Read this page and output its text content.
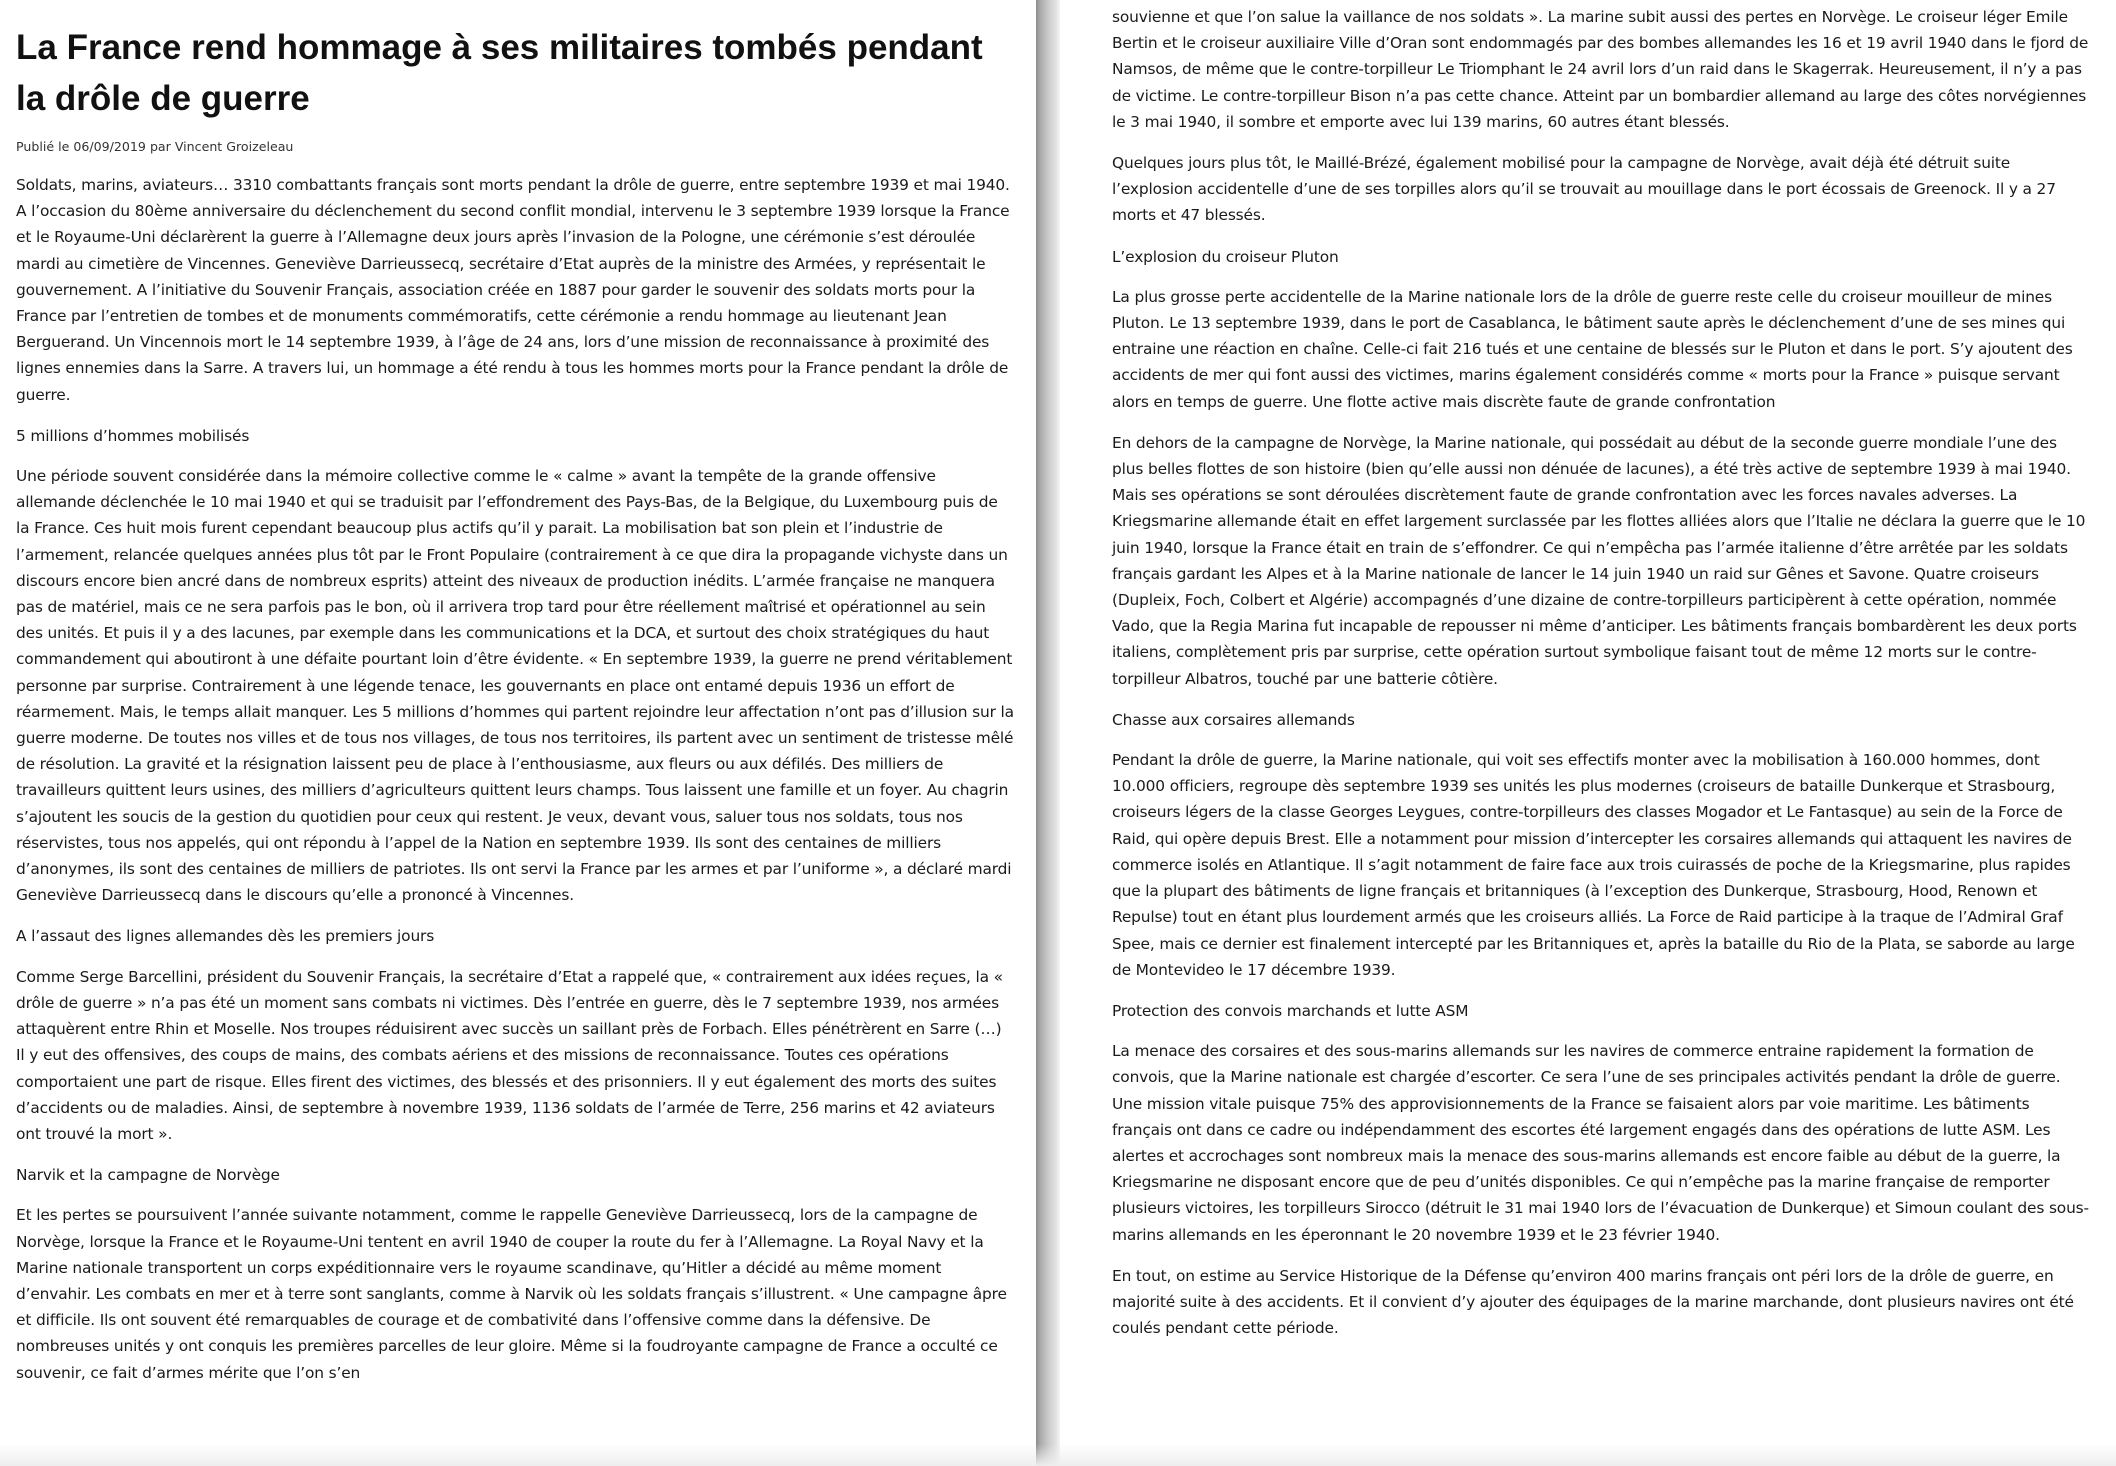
La France rend hommage à ses militaires tombés pendant la drôle de guerre
Publié le 06/09/2019 par Vincent Groizeleau

Soldats, marins, aviateurs… 3310 combattants français sont morts pendant la drôle de guerre, entre septembre 1939 et mai 1940. A l’occasion du 80ème anniversaire du déclenchement du second conflit mondial, intervenu le 3 septembre 1939 lorsque la France et le Royaume-Uni déclarèrent la guerre à l’Allemagne deux jours après l’invasion de la Pologne, une cérémonie s’est déroulée mardi au cimetière de Vincennes. Geneviève Darrieussecq, secrétaire d’Etat auprès de la ministre des Armées, y représentait le gouvernement. A l’initiative du Souvenir Français, association créée en 1887 pour garder le souvenir des soldats morts pour la France par l’entretien de tombes et de monuments commémoratifs, cette cérémonie a rendu hommage au lieutenant Jean Berguerand. Un Vincennois mort le 14 septembre 1939, à l’âge de 24 ans, lors d’une mission de reconnaissance à proximité des lignes ennemies dans la Sarre. A travers lui, un hommage a été rendu à tous les hommes morts pour la France pendant la drôle de guerre.

5 millions d’hommes mobilisés

Une période souvent considérée dans la mémoire collective comme le « calme » avant la tempête de la grande offensive allemande déclenchée le 10 mai 1940 et qui se traduisit par l’effondrement des Pays-Bas, de la Belgique, du Luxembourg puis de la France. Ces huit mois furent cependant beaucoup plus actifs qu’il y parait. La mobilisation bat son plein et l’industrie de l’armement, relancée quelques années plus tôt par le Front Populaire (contrairement à ce que dira la propagande vichyste dans un discours encore bien ancré dans de nombreux esprits) atteint des niveaux de production inédits. L’armée française ne manquera pas de matériel, mais ce ne sera parfois pas le bon, où il arrivera trop tard pour être réellement maîtrisé et opérationnel au sein des unités. Et puis il y a des lacunes, par exemple dans les communications et la DCA, et surtout des choix stratégiques du haut commandement qui aboutiront à une défaite pourtant loin d’être évidente. « En septembre 1939, la guerre ne prend véritablement personne par surprise. Contrairement à une légende tenace, les gouvernants en place ont entamé depuis 1936 un effort de réarmement. Mais, le temps allait manquer. Les 5 millions d’hommes qui partent rejoindre leur affectation n’ont pas d’illusion sur la guerre moderne. De toutes nos villes et de tous nos villages, de tous nos territoires, ils partent avec un sentiment de tristesse mêlé de résolution. La gravité et la résignation laissent peu de place à l’enthousiasme, aux fleurs ou aux défilés. Des milliers de travailleurs quittent leurs usines, des milliers d’agriculteurs quittent leurs champs. Tous laissent une famille et un foyer. Au chagrin s’ajoutent les soucis de la gestion du quotidien pour ceux qui restent. Je veux, devant vous, saluer tous nos soldats, tous nos réservistes, tous nos appelés, qui ont répondu à l’appel de la Nation en septembre 1939. Ils sont des centaines de milliers d’anonymes, ils sont des centaines de milliers de patriotes. Ils ont servi la France par les armes et par l’uniforme », a déclaré mardi Geneviève Darrieussecq dans le discours qu’elle a prononcé à Vincennes.

A l’assaut des lignes allemandes dès les premiers jours

Comme Serge Barcellini, président du Souvenir Français, la secrétaire d’Etat a rappelé que, « contrairement aux idées reçues, la « drôle de guerre » n’a pas été un moment sans combats ni victimes. Dès l’entrée en guerre, dès le 7 septembre 1939, nos armées attaquèrent entre Rhin et Moselle. Nos troupes réduisirent avec succès un saillant près de Forbach. Elles pénétrèrent en Sarre (…) Il y eut des offensives, des coups de mains, des combats aériens et des missions de reconnaissance. Toutes ces opérations comportaient une part de risque. Elles firent des victimes, des blessés et des prisonniers. Il y eut également des morts des suites d’accidents ou de maladies. Ainsi, de septembre à novembre 1939, 1136 soldats de l’armée de Terre, 256 marins et 42 aviateurs ont trouvé la mort ».

Narvik et la campagne de Norvège

Et les pertes se poursuivent l’année suivante notamment, comme le rappelle Geneviève Darrieussecq, lors de la campagne de Norvège, lorsque la France et le Royaume-Uni tentent en avril 1940 de couper la route du fer à l’Allemagne. La Royal Navy et la Marine nationale transportent un corps expéditionnaire vers le royaume scandinave, qu’Hitler a décidé au même moment d’envahir. Les combats en mer et à terre sont sanglants, comme à Narvik où les soldats français s’illustrent. « Une campagne âpre et difficile. Ils ont souvent été remarquables de courage et de combativité dans l’offensive comme dans la défensive. De nombreuses unités y ont conquis les premières parcelles de leur gloire. Même si la foudroyante campagne de France a occulté ce souvenir, ce fait d’armes mérite que l’on s’en

souvienne et que l’on salue la vaillance de nos soldats ». La marine subit aussi des pertes en Norvège. Le croiseur léger Emile Bertin et le croiseur auxiliaire Ville d’Oran sont endommagés par des bombes allemandes les 16 et 19 avril 1940 dans le fjord de Namsos, de même que le contre-torpilleur Le Triomphant le 24 avril lors d’un raid dans le Skagerrak. Heureusement, il n’y a pas de victime. Le contre-torpilleur Bison n’a pas cette chance. Atteint par un bombardier allemand au large des côtes norvégiennes le 3 mai 1940, il sombre et emporte avec lui 139 marins, 60 autres étant blessés.

Quelques jours plus tôt, le Maillé-Brézé, également mobilisé pour la campagne de Norvège, avait déjà été détruit suite l’explosion accidentelle d’une de ses torpilles alors qu’il se trouvait au mouillage dans le port écossais de Greenock. Il y a 27 morts et 47 blessés.

L’explosion du croiseur Pluton

La plus grosse perte accidentelle de la Marine nationale lors de la drôle de guerre reste celle du croiseur mouilleur de mines Pluton. Le 13 septembre 1939, dans le port de Casablanca, le bâtiment saute après le déclenchement d’une de ses mines qui entraine une réaction en chaîne. Celle-ci fait 216 tués et une centaine de blessés sur le Pluton et dans le port. S’y ajoutent des accidents de mer qui font aussi des victimes, marins également considérés comme « morts pour la France » puisque servant alors en temps de guerre. Une flotte active mais discrète faute de grande confrontation

En dehors de la campagne de Norvège, la Marine nationale, qui possédait au début de la seconde guerre mondiale l’une des plus belles flottes de son histoire (bien qu’elle aussi non dénuée de lacunes), a été très active de septembre 1939 à mai 1940. Mais ses opérations se sont déroulées discrètement faute de grande confrontation avec les forces navales adverses. La Kriegsmarine allemande était en effet largement surclassée par les flottes alliées alors que l’Italie ne déclara la guerre que le 10 juin 1940, lorsque la France était en train de s’effondrer. Ce qui n’empêcha pas l’armée italienne d’être arrêtée par les soldats français gardant les Alpes et à la Marine nationale de lancer le 14 juin 1940 un raid sur Gênes et Savone. Quatre croiseurs (Dupleix, Foch, Colbert et Algérie) accompagnés d’une dizaine de contre-torpilleurs participèrent à cette opération, nommée Vado, que la Regia Marina fut incapable de repousser ni même d’anticiper. Les bâtiments français bombardèrent les deux ports italiens, complètement pris par surprise, cette opération surtout symbolique faisant tout de même 12 morts sur le contre-torpilleur Albatros, touché par une batterie côtière.

Chasse aux corsaires allemands

Pendant la drôle de guerre, la Marine nationale, qui voit ses effectifs monter avec la mobilisation à 160.000 hommes, dont 10.000 officiers, regroupe dès septembre 1939 ses unités les plus modernes (croiseurs de bataille Dunkerque et Strasbourg, croiseurs légers de la classe Georges Leygues, contre-torpilleurs des classes Mogador et Le Fantasque) au sein de la Force de Raid, qui opère depuis Brest. Elle a notamment pour mission d’intercepter les corsaires allemands qui attaquent les navires de commerce isolés en Atlantique. Il s’agit notamment de faire face aux trois cuirassés de poche de la Kriegsmarine, plus rapides que la plupart des bâtiments de ligne français et britanniques (à l’exception des Dunkerque, Strasbourg, Hood, Renown et Repulse) tout en étant plus lourdement armés que les croiseurs alliés. La Force de Raid participe à la traque de l’Admiral Graf Spee, mais ce dernier est finalement intercepté par les Britanniques et, après la bataille du Rio de la Plata, se saborde au large de Montevideo le 17 décembre 1939.

Protection des convois marchands et lutte ASM

La menace des corsaires et des sous-marins allemands sur les navires de commerce entraine rapidement la formation de convois, que la Marine nationale est chargée d’escorter. Ce sera l’une de ses principales activités pendant la drôle de guerre. Une mission vitale puisque 75% des approvisionnements de la France se faisaient alors par voie maritime. Les bâtiments français ont dans ce cadre ou indépendamment des escortes été largement engagés dans des opérations de lutte ASM. Les alertes et accrochages sont nombreux mais la menace des sous-marins allemands est encore faible au début de la guerre, la Kriegsmarine ne disposant encore que de peu d’unités disponibles. Ce qui n’empêche pas la marine française de remporter plusieurs victoires, les torpilleurs Sirocco (détruit le 31 mai 1940 lors de l’évacuation de Dunkerque) et Simoun coulant des sous-marins allemands en les éperonnant le 20 novembre 1939 et le 23 février 1940.

En tout, on estime au Service Historique de la Défense qu’environ 400 marins français ont péri lors de la drôle de guerre, en majorité suite à des accidents. Et il convient d’y ajouter des équipages de la marine marchande, dont plusieurs navires ont été coulés pendant cette période.
